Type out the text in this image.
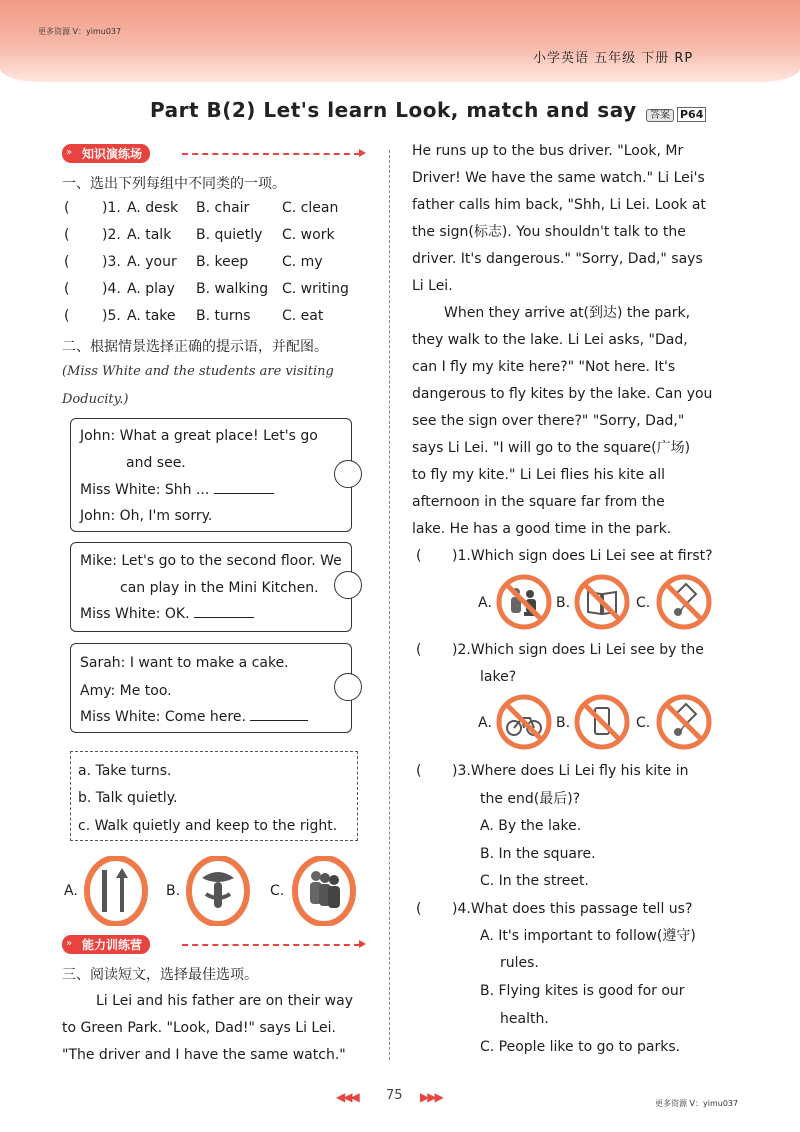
更多资源 V：yimu037
小学英语 五年级 下册 RP
Part B(2) Let's learn Look, match and say	答案 P64
知识演练场
»
一、选出下列每组中不同类的一项。
( )1. A. desk B. chair C. clean
( )2. A. talk B. quietly C. work
( )3. A. your B. keep C. my
( )4. A. play B. walking C. writing
( )5. A. take B. turns C. eat
二、根据情景选择正确的提示语，并配图。
(Miss White and the students are visiting
Doducity.)
John: What a great place! Let's go
and see.
Miss White: Shh ...
John: Oh, I'm sorry.
Mike: Let's go to the second floor. We
can play in the Mini Kitchen.
Miss White: OK.
Sarah: I want to make a cake.
Amy: Me too.
Miss White: Come here.
a. Take turns.
b. Talk quietly.
c. Walk quietly and keep to the right.
A.	B.	C.
能力训练营
»
三、阅读短文，选择最佳选项。
Li Lei and his father are on their way
to Green Park. "Look, Dad!" says Li Lei.
"The driver and I have the same watch."
He runs up to the bus driver. "Look, Mr
Driver! We have the same watch." Li Lei's
father calls him back, "Shh, Li Lei. Look at
the sign(标志). You shouldn't talk to the
driver. It's dangerous." "Sorry, Dad," says
Li Lei.
When they arrive at(到达) the park,
they walk to the lake. Li Lei asks, "Dad,
can I fly my kite here?" "Not here. It's
dangerous to fly kites by the lake. Can you
see the sign over there?" "Sorry, Dad,"
says Li Lei. "I will go to the square(广场)
to fly my kite." Li Lei flies his kite all
afternoon in the square far from the
lake. He has a good time in the park.
( )1.Which sign does Li Lei see at first?
A.	B.	C.
( )2.Which sign does Li Lei see by the
lake?
A.	B.	C.
( )3.Where does Li Lei fly his kite in
the end(最后)?
A. By the lake.
B. In the square.
C. In the street.
( )4.What does this passage tell us?
A. It's important to follow(遵守)
rules.
B. Flying kites is good for our
health.
C. People like to go to parks.
◀◀◀ 75 ▶▶▶	更多资源 V：yimu037
